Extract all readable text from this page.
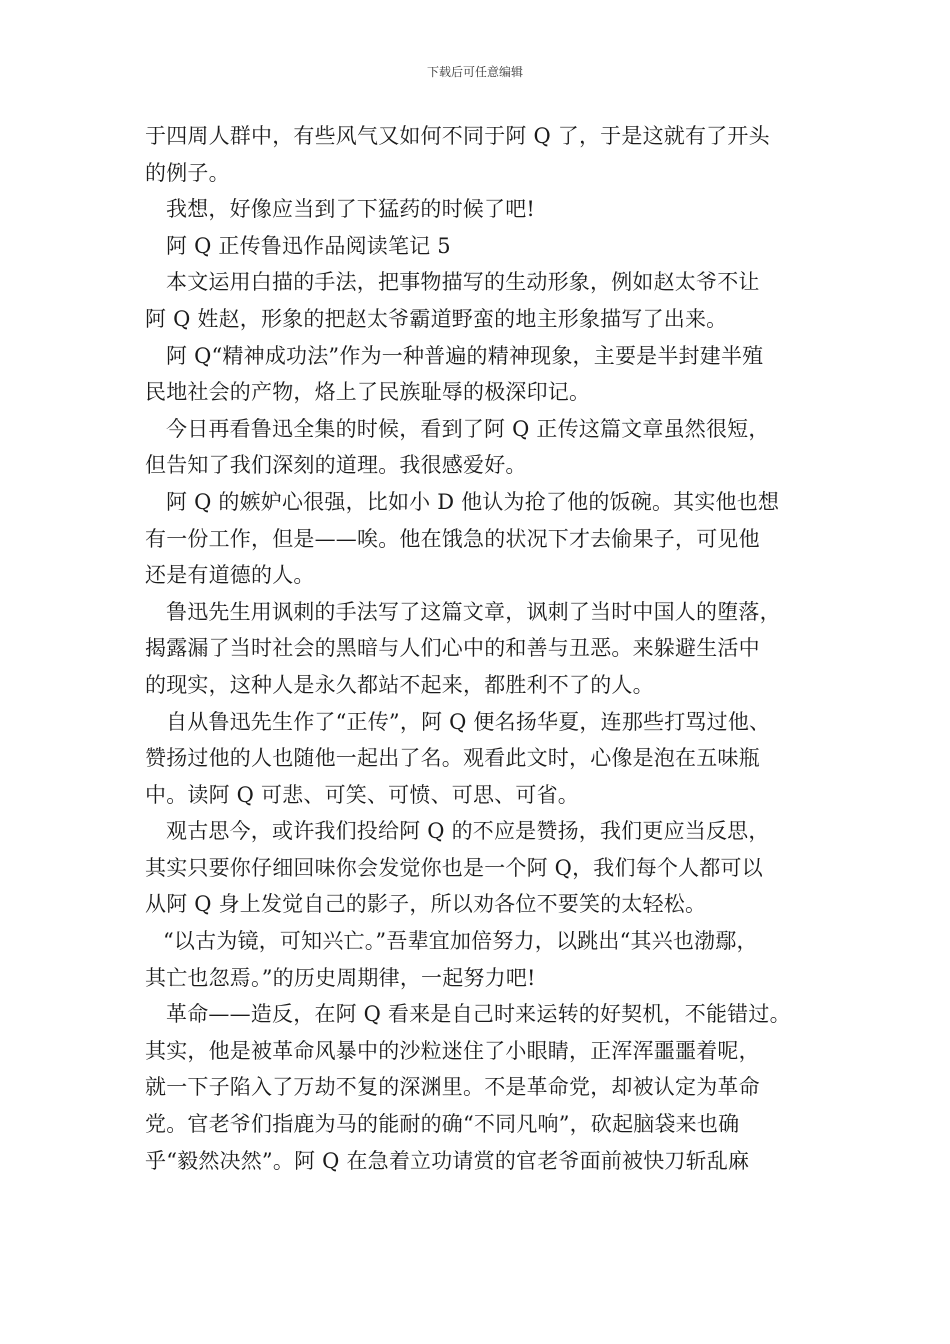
下载后可任意编辑
于四周人群中，有些风气又如何不同于阿 Q 了，于是这就有了开头
的例子。
我想，好像应当到了下猛药的时候了吧!
阿 Q 正传鲁迅作品阅读笔记 5
本文运用白描的手法，把事物描写的生动形象，例如赵太爷不让
阿 Q 姓赵，形象的把赵太爷霸道野蛮的地主形象描写了出来。
阿 Q“精神成功法”作为一种普遍的精神现象，主要是半封建半殖
民地社会的产物，烙上了民族耻辱的极深印记。
今日再看鲁迅全集的时候，看到了阿 Q 正传这篇文章虽然很短，
但告知了我们深刻的道理。我很感爱好。
阿 Q 的嫉妒心很强，比如小 D 他认为抢了他的饭碗。其实他也想
有一份工作，但是——唉。他在饿急的状况下才去偷果子，可见他
还是有道德的人。
鲁迅先生用讽刺的手法写了这篇文章，讽刺了当时中国人的堕落，
揭露漏了当时社会的黑暗与人们心中的和善与丑恶。来躲避生活中
的现实，这种人是永久都站不起来，都胜利不了的人。
自从鲁迅先生作了“正传”，阿 Q 便名扬华夏，连那些打骂过他、
赞扬过他的人也随他一起出了名。观看此文时，心像是泡在五味瓶
中。读阿 Q 可悲、可笑、可愤、可思、可省。
观古思今，或许我们投给阿 Q 的不应是赞扬，我们更应当反思，
其实只要你仔细回味你会发觉你也是一个阿 Q，我们每个人都可以
从阿 Q 身上发觉自己的影子，所以劝各位不要笑的太轻松。
“以古为镜，可知兴亡。”吾辈宜加倍努力，以跳出“其兴也渤鄢，
其亡也忽焉。”的历史周期律，一起努力吧!
革命——造反，在阿 Q 看来是自己时来运转的好契机，不能错过。
其实，他是被革命风暴中的沙粒迷住了小眼睛，正浑浑噩噩着呢，
就一下子陷入了万劫不复的深渊里。不是革命党，却被认定为革命
党。官老爷们指鹿为马的能耐的确“不同凡响”，砍起脑袋来也确
乎“毅然决然”。阿 Q 在急着立功请赏的官老爷面前被快刀斩乱麻
